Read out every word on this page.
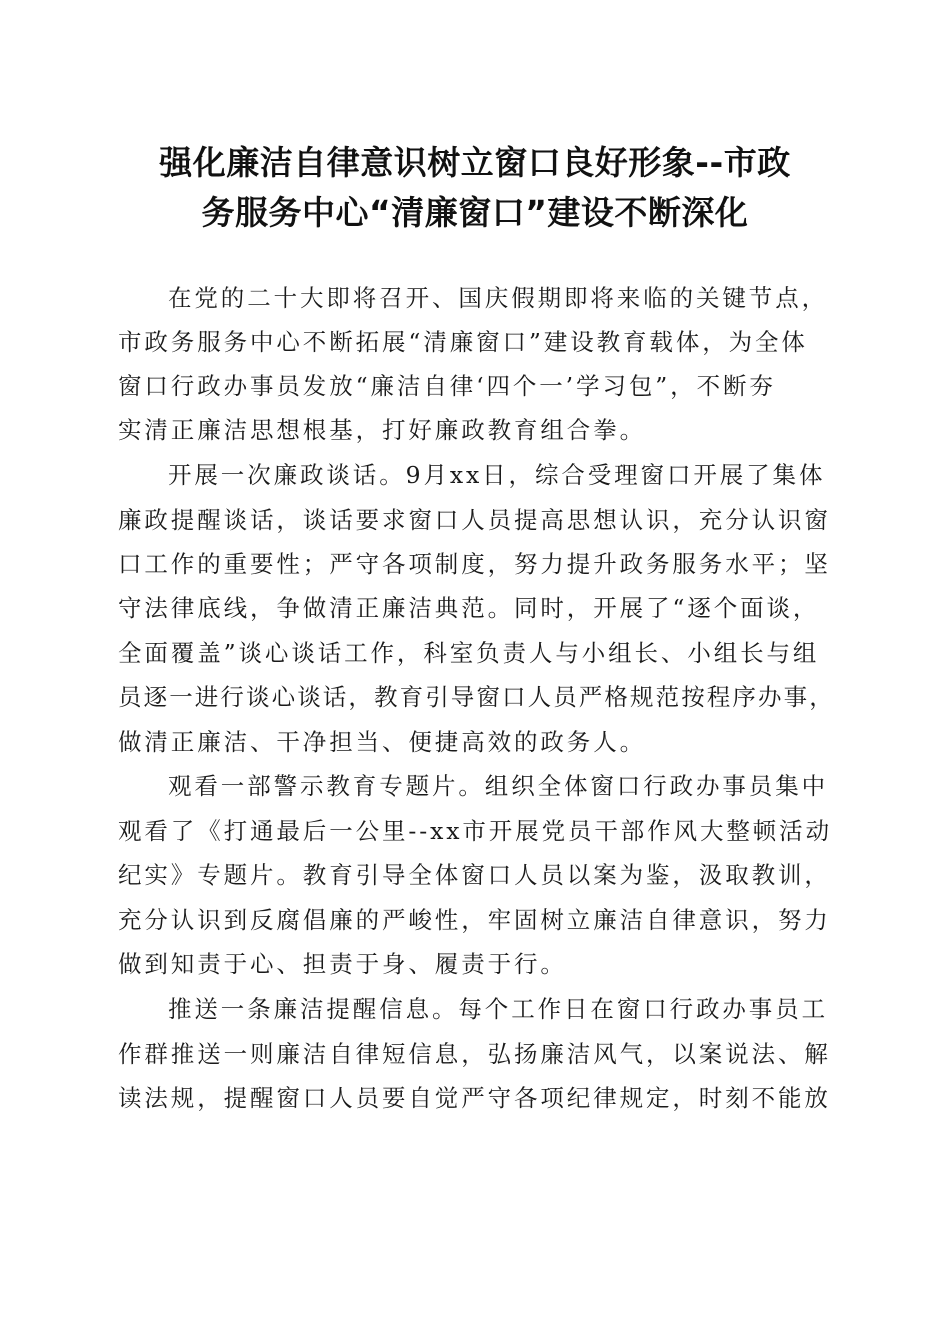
强化廉洁自律意识树立窗口良好形象--市政
务服务中心“清廉窗口”建设不断深化
在党的二十大即将召开、国庆假期即将来临的关键节点，
市政务服务中心不断拓展“清廉窗口”建设教育载体，为全体
窗口行政办事员发放“廉洁自律‘四个一’学习包”，不断夯
实清正廉洁思想根基，打好廉政教育组合拳。
开展一次廉政谈话。9月xx日，综合受理窗口开展了集体
廉政提醒谈话，谈话要求窗口人员提高思想认识，充分认识窗
口工作的重要性；严守各项制度，努力提升政务服务水平；坚
守法律底线，争做清正廉洁典范。同时，开展了“逐个面谈，
全面覆盖”谈心谈话工作，科室负责人与小组长、小组长与组
员逐一进行谈心谈话，教育引导窗口人员严格规范按程序办事，
做清正廉洁、干净担当、便捷高效的政务人。
观看一部警示教育专题片。组织全体窗口行政办事员集中
观看了《打通最后一公里--xx市开展党员干部作风大整顿活动
纪实》专题片。教育引导全体窗口人员以案为鉴，汲取教训，
充分认识到反腐倡廉的严峻性，牢固树立廉洁自律意识，努力
做到知责于心、担责于身、履责于行。
推送一条廉洁提醒信息。每个工作日在窗口行政办事员工
作群推送一则廉洁自律短信息，弘扬廉洁风气，以案说法、解
读法规，提醒窗口人员要自觉严守各项纪律规定，时刻不能放
